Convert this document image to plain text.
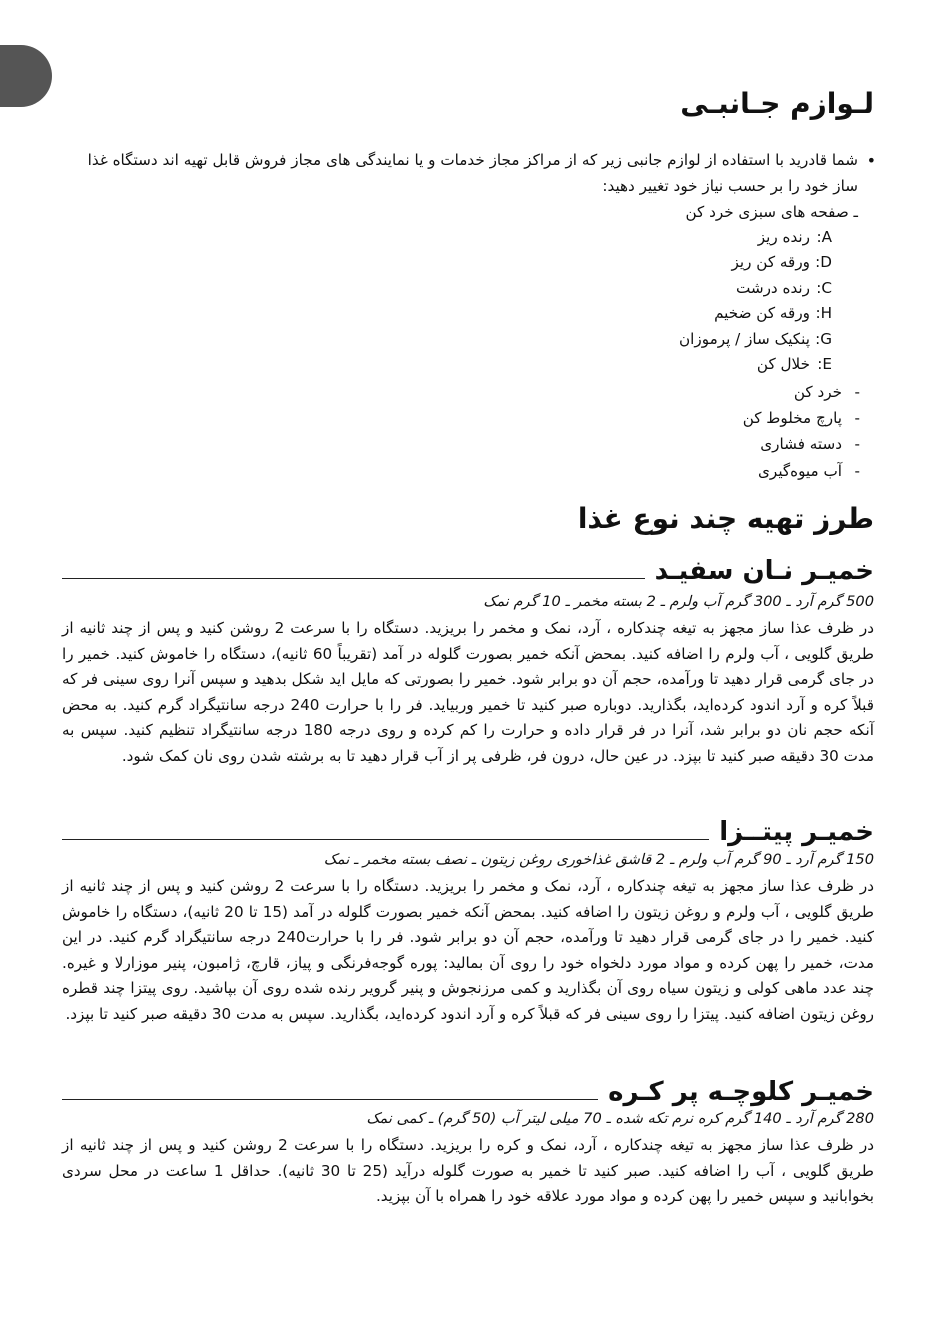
لـوازم جـانبـی
•
شما قادرید با استفاده از لوازم جانبی زیر که از مراکز مجاز خدمات و یا نمایندگی های مجاز فروش قابل تهیه اند دستگاه غذا ساز خود را بر حسب نیاز خود تغییر دهید:
ـ صفحه های سبزی خرد کن
A:
رنده ریز
D:
ورقه کن ریز
C:
رنده درشت
H:
ورقه کن ضخیم
G:
پنکیک ساز / پرموزان
E:
خلال کن
-خرد کن
-پارچ مخلوط کن
-دسته فشاری
-آب میوه‌گیری
طرز تهیه چند نوع غذا
خمیـر نـان سفیـد
500 گرم آرد ـ 300 گرم آب ولرم ـ 2 بسته مخمر ـ 10 گرم نمک
در ظرف عذا ساز مجهز به تیغه چندکاره ، آرد، نمک و مخمر را بریزید. دستگاه را با سرعت 2 روشن کنید و پس از چند ثانیه از طریق گلویی ، آب ولرم را اضافه کنید. بمحض آنکه خمیر بصورت گلوله در آمد (تقریباً 60 ثانیه)، دستگاه را خاموش کنید. خمیر را در جای گرمی قرار دهید تا ورآمده، حجم آن دو برابر شود. خمیر را بصورتی که مایل اید شکل بدهید و سپس آنرا روی سینی فر که قبلاً کره و آرد اندود کرده‌اید، بگذارید. دوباره صبر کنید تا خمیر وربیاید. فر را با حرارت 240 درجه سانتیگراد گرم کنید. به محض آنکه حجم نان دو برابر شد، آنرا در فر قرار داده و حرارت را کم کرده و روی درجه 180 درجه سانتیگراد تنظیم کنید. سپس به مدت 30 دقیقه صبر کنید تا بپزد. در عین حال، درون فر، ظرفی پر از آب قرار دهید تا به برشته شدن روی نان کمک شود.
خمیـر پیتــزا
150 گرم آرد ـ 90 گرم آب ولرم ـ 2 قاشق غذاخوری روغن زیتون ـ نصف بسته مخمر ـ نمک
در ظرف عذا ساز مجهز به تیغه چندکاره ، آرد، نمک و مخمر را بریزید. دستگاه را با سرعت 2 روشن کنید و پس از چند ثانیه از طریق گلویی ، آب ولرم و روغن زیتون را اضافه کنید. بمحض آنکه خمیر بصورت گلوله در آمد (15 تا 20 ثانیه)، دستگاه را خاموش کنید. خمیر را در جای گرمی قرار دهید تا ورآمده، حجم آن دو برابر شود. فر را با حرارت240 درجه سانتیگراد گرم کنید. در این مدت، خمیر را پهن کرده و مواد مورد دلخواه خود را روی آن بمالید: پوره گوجه‌فرنگی و پیاز، قارچ، ژامبون، پنیر موزارلا و غیره. چند عدد ماهی کولی و زیتون سیاه روی آن بگذارید و کمی مرزنجوش و پنیر گرویر رنده شده روی آن بپاشید. روی پیتزا چند قطره روغن زیتون اضافه کنید. پیتزا را روی سینی فر که قبلاً کره و آرد اندود کرده‌اید، بگذارید. سپس به مدت 30 دقیقه صبر کنید تا بپزد.
خمیـر کلوچـه پر کـره
280 گرم آرد ـ 140 گرم کره نرم تکه شده ـ 70 میلی لیتر آب (50 گرم) ـ کمی نمک
در ظرف عذا ساز مجهز به تیغه چندکاره ، آرد، نمک و کره را بریزید. دستگاه را با سرعت 2 روشن کنید و پس از چند ثانیه از طریق گلویی ، آب را اضافه کنید. صبر کنید تا خمیر به صورت گلوله درآید (25 تا 30 ثانیه). حداقل 1 ساعت در محل سردی بخوابانید و سپس خمیر را پهن کرده و مواد مورد علاقه خود را همراه با آن بپزید.
